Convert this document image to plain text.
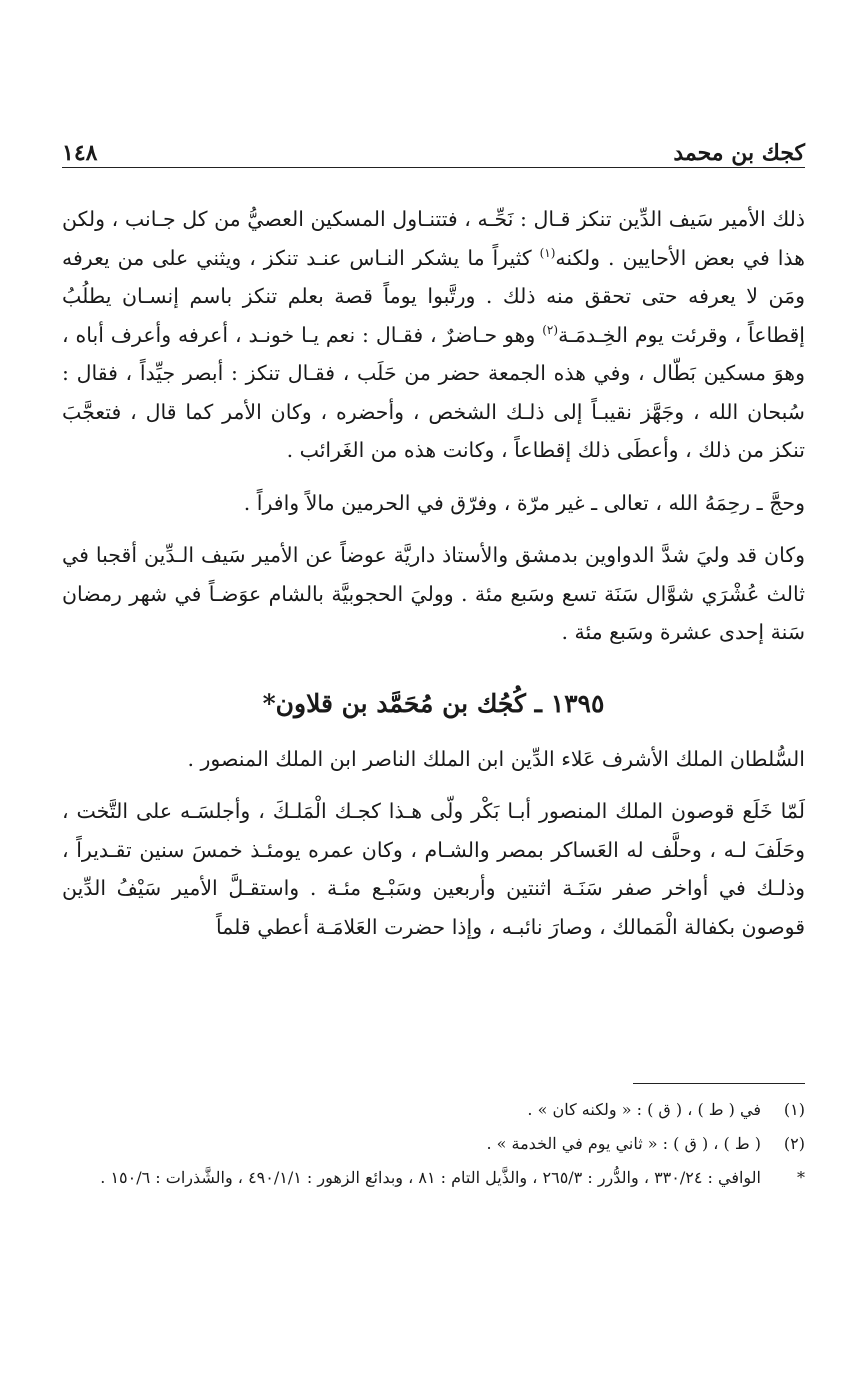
كجك بن محمد
١٤٨

ذلك الأمير سَيف الدِّين تنكز قـال : نَحِّـه ، فتتنـاول المسكين العصيُّ من كل جـانب ، ولكن هذا في بعض الأحايين . ولكنه$^{(١)}$ كثيراً ما يشكر النـاس عنـد تنكز ، ويثني على من يعرفه ومَن لا يعرفه حتى تحقق منه ذلك . ورتَّبوا يوماً قصة بعلم تنكز باسم إنسـان يطلُبُ إقطاعاً ، وقرئت يوم الخِـدمَـة$^{(٢)}$ وهو حـاضرٌ ، فقـال : نعم يـا خونـد ، أعرفه وأعرف أباه ، وهوَ مسكين بَطّال ، وفي هذه الجمعة حضر من حَلَب ، فقـال تنكز : أبصر جيِّداً ، فقال : سُبحان الله ، وجَهَّز نقيبـاً إلى ذلـك الشخص ، وأحضره ، وكان الأمر كما قال ، فتعجَّبَ تنكز من ذلك ، وأعطَى ذلك إقطاعاً ، وكانت هذه من الغَرائب .

وحجَّ ـ رحِمَهُ الله ، تعالى ـ غير مرّة ، وفرّق في الحرمين مالاً وافراً .

وكان قد وليَ شدَّ الدواوين بدمشق والأستاذ داريَّة عوضاً عن الأمير سَيف الـدِّين أقجبا في ثالث عُشْرَي شوَّال سَنَة تسع وسَبع مئة . ووليَ الحجوبيَّة بالشام عوَضـاً في شهر رمضان سَنة إحدى عشرة وسَبع مئة .

١٣٩٥ ـ كُجُك بن مُحَمَّد بن قلاون*

السُّلطان الملك الأشرف عَلاء الدِّين ابن الملك الناصر ابن الملك المنصور .

لَمّا خَلَع قوصون الملك المنصور أبـا بَكْر ولّى هـذا كجـك الْمَلـكَ ، وأجلسَـه على التَّخت ، وحَلَفَ لـه ، وحلَّف له العَساكر بمصر والشـام ، وكان عمره يومئـذ خمسَ سنين تقـديراً ، وذلـك في أواخر صفر سَنَـة اثنتين وأربعين وسَبْـع مئـة . واستقـلَّ الأمير سَيْفُ الدِّين قوصون بكفالة الْمَمالك ، وصارَ نائبـه ، وإذا حضرت العَلامَـة أعطي قلماً

(١)
في ( ط ) ، ( ق ) : « ولكنه كان » .
(٢)
( ط ) ، ( ق ) : « ثاني يوم في الخدمة » .
*
الوافي : ٣٣٠/٢٤ ، والدُّرر : ٢٦٥/٣ ، والذَّيل التام : ٨١ ، وبدائع الزهور : ٤٩٠/١/١ ، والشَّذرات : ١٥٠/٦ .
